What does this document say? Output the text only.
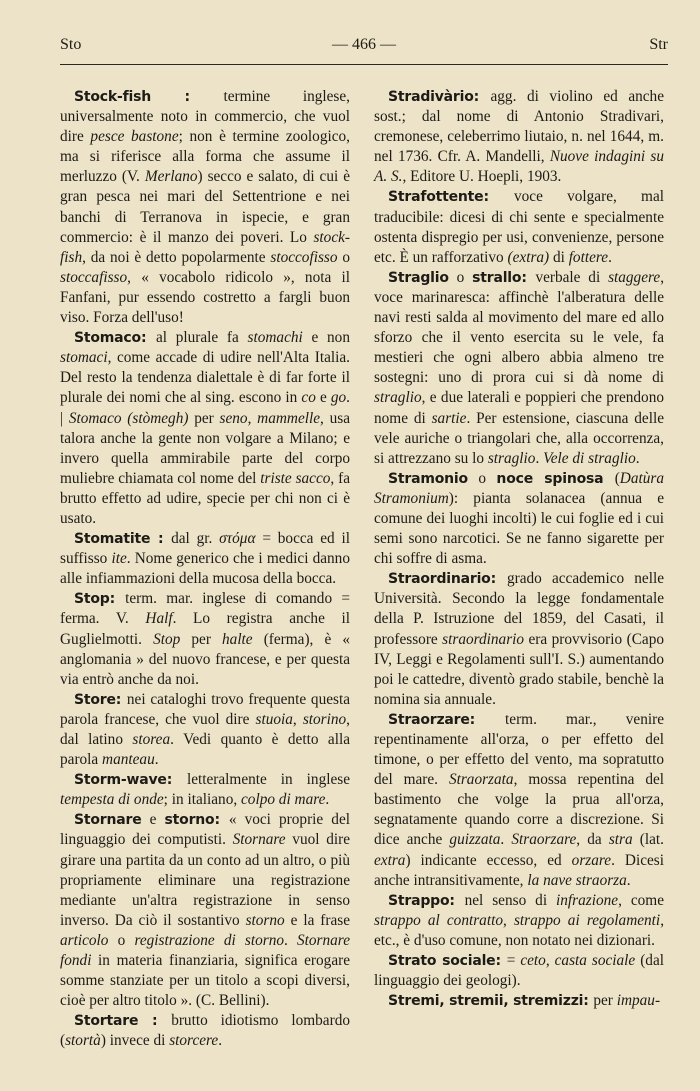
Sto	— 466 —	Str

Stock-fish : termine inglese, universalmente noto in commercio, che vuol dire pesce bastone; non è termine zoologico, ma si riferisce alla forma che assume il merluzzo (V. Merlano) secco e salato, di cui è gran pesca nei mari del Settentrione e nei banchi di Terranova in ispecie, e gran commercio: è il manzo dei poveri. Lo stock-fish, da noi è detto popolarmente stoccofisso o stoccafisso, « vocabolo ridicolo », nota il Fanfani, pur essendo costretto a fargli buon viso. Forza dell'uso!

Stomaco: al plurale fa stomachi e non stomaci, come accade di udire nell'Alta Italia. Del resto la tendenza dialettale è di far forte il plurale dei nomi che al sing. escono in co e go. | Stomaco (stòmegh) per seno, mammelle, usa talora anche la gente non volgare a Milano; e invero quella ammirabile parte del corpo muliebre chiamata col nome del triste sacco, fa brutto effetto ad udire, specie per chi non ci è usato.

Stomatite : dal gr. στόμα = bocca ed il suffisso ite. Nome generico che i medici danno alle infiammazioni della mucosa della bocca.

Stop: term. mar. inglese di comando = ferma. V. Half. Lo registra anche il Guglielmotti. Stop per halte (ferma), è « anglomania » del nuovo francese, e per questa via entrò anche da noi.

Store: nei cataloghi trovo frequente questa parola francese, che vuol dire stuoia, storino, dal latino storea. Vedi quanto è detto alla parola manteau.

Storm-wave: letteralmente in inglese tempesta di onde; in italiano, colpo di mare.

Stornare e storno: « voci proprie del linguaggio dei computisti. Stornare vuol dire girare una partita da un conto ad un altro, o più propriamente eliminare una registrazione mediante un'altra registrazione in senso inverso. Da ciò il sostantivo storno e la frase articolo o registrazione di storno. Stornare fondi in materia finanziaria, significa erogare somme stanziate per un titolo a scopi diversi, cioè per altro titolo ». (C. Bellini).

Stortare : brutto idiotismo lombardo (stortà) invece di storcere.

Stradivàrio: agg. di violino ed anche sost.; dal nome di Antonio Stradivari, cremonese, celeberrimo liutaio, n. nel 1644, m. nel 1736. Cfr. A. Mandelli, Nuove indagini su A. S., Editore U. Hoepli, 1903.

Strafottente: voce volgare, mal traducibile: dicesi di chi sente e specialmente ostenta dispregio per usi, convenienze, persone etc. È un rafforzativo (extra) di fottere.

Straglio o strallo: verbale di staggere, voce marinaresca: affinchè l'alberatura delle navi resti salda al movimento del mare ed allo sforzo che il vento esercita su le vele, fa mestieri che ogni albero abbia almeno tre sostegni: uno di prora cui si dà nome di straglio, e due laterali e poppieri che prendono nome di sartie. Per estensione, ciascuna delle vele auriche o triangolari che, alla occorrenza, si attrezzano su lo straglio. Vele di straglio.

Stramonio o noce spinosa (Datùra Stramonium): pianta solanacea (annua e comune dei luoghi incolti) le cui foglie ed i cui semi sono narcotici. Se ne fanno sigarette per chi soffre di asma.

Straordinario: grado accademico nelle Università. Secondo la legge fondamentale della P. Istruzione del 1859, del Casati, il professore straordinario era provvisorio (Capo IV, Leggi e Regolamenti sull'I. S.) aumentando poi le cattedre, diventò grado stabile, benchè la nomina sia annuale.

Straorzare: term. mar., venire repentinamente all'orza, o per effetto del timone, o per effetto del vento, ma sopratutto del mare. Straorzata, mossa repentina del bastimento che volge la prua all'orza, segnatamente quando corre a discrezione. Si dice anche guizzata. Straorzare, da stra (lat. extra) indicante eccesso, ed orzare. Dicesi anche intransitivamente, la nave straorza.

Strappo: nel senso di infrazione, come strappo al contratto, strappo ai regolamenti, etc., è d'uso comune, non notato nei dizionari.

Strato sociale: = ceto, casta sociale (dal linguaggio dei geologi).

Stremi, stremii, stremizzi: per impau-
